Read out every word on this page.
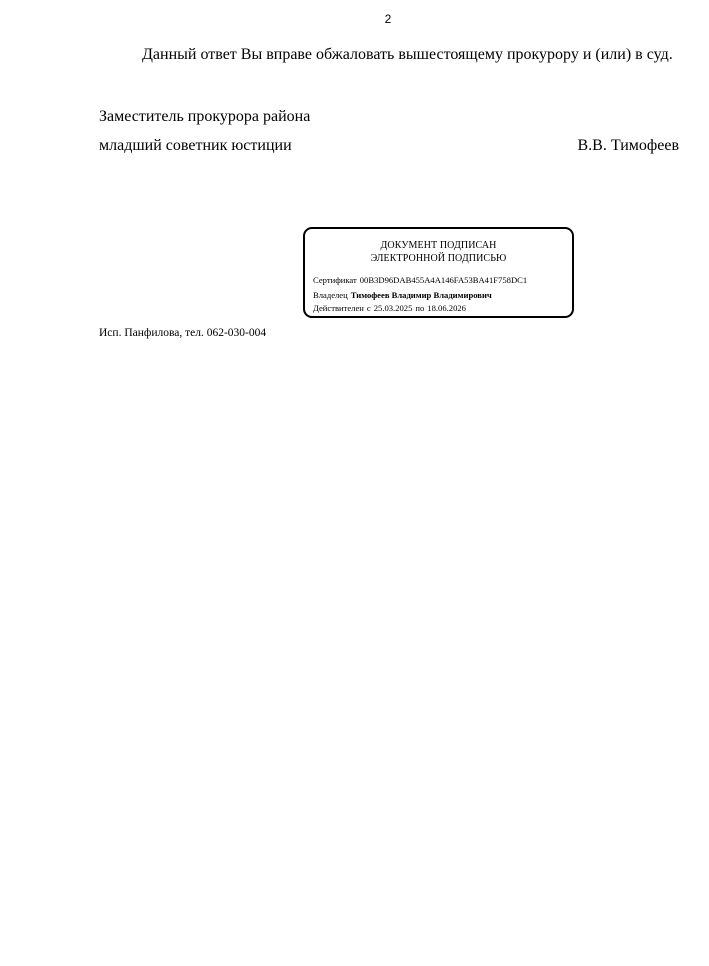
2
Данный ответ Вы вправе обжаловать вышестоящему прокурору и (или) в суд.
Заместитель прокурора района
младший советник юстиции	В.В. Тимофеев
ДОКУМЕНТ ПОДПИСАН
ЭЛЕКТРОННОЙ ПОДПИСЬЮ
Сертификат 00B3D96DAB455A4A146FA53BA41F758DC1
Владелец Тимофеев Владимир Владимирович
Действителен с 25.03.2025 по 18.06.2026
Исп. Панфилова, тел. 062-030-004
